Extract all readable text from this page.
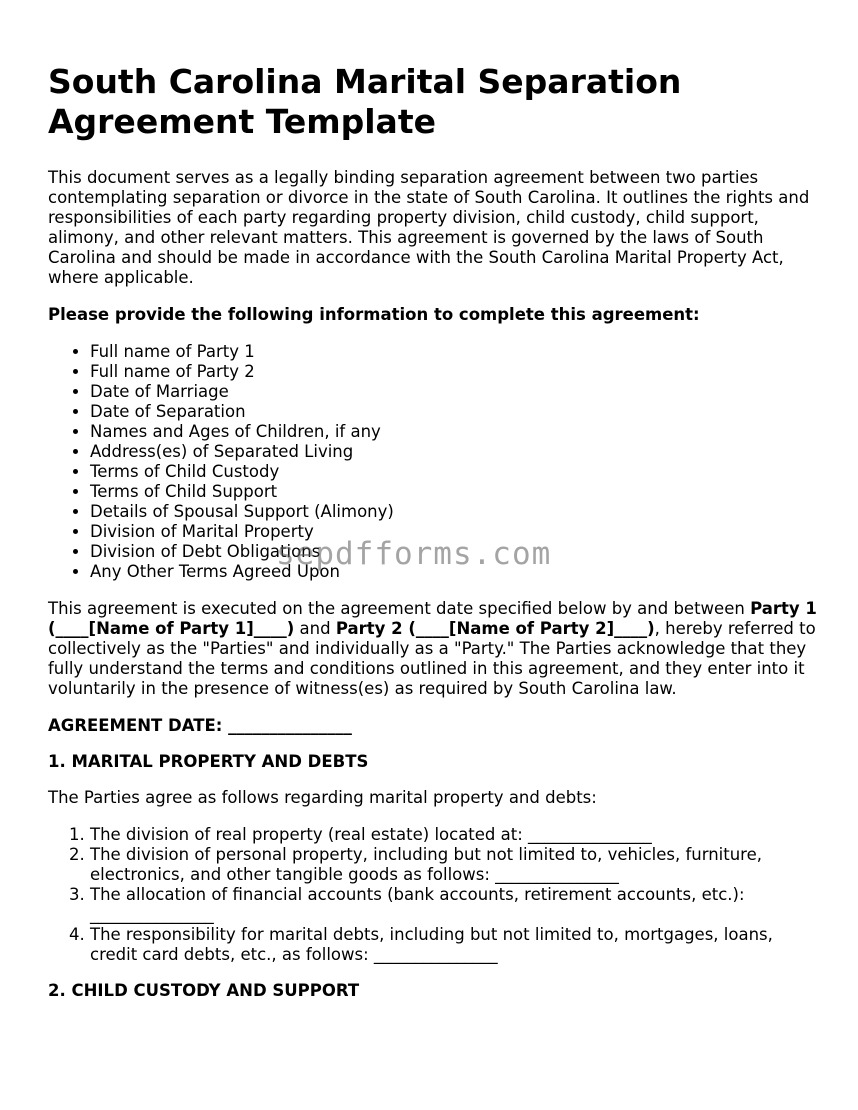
South Carolina Marital Separation Agreement Template

This document serves as a legally binding separation agreement between two parties contemplating separation or divorce in the state of South Carolina. It outlines the rights and responsibilities of each party regarding property division, child custody, child support, alimony, and other relevant matters. This agreement is governed by the laws of South Carolina and should be made in accordance with the South Carolina Marital Property Act, where applicable.

Please provide the following information to complete this agreement:

• Full name of Party 1
• Full name of Party 2
• Date of Marriage
• Date of Separation
• Names and Ages of Children, if any
• Address(es) of Separated Living
• Terms of Child Custody
• Terms of Child Support
• Details of Spousal Support (Alimony)
• Division of Marital Property
• Division of Debt Obligations
• Any Other Terms Agreed Upon

This agreement is executed on the agreement date specified below by and between Party 1 (____[Name of Party 1]____) and Party 2 (____[Name of Party 2]____), hereby referred to collectively as the "Parties" and individually as a "Party." The Parties acknowledge that they fully understand the terms and conditions outlined in this agreement, and they enter into it voluntarily in the presence of witness(es) as required by South Carolina law.

AGREEMENT DATE: _______________

1. MARITAL PROPERTY AND DEBTS

The Parties agree as follows regarding marital property and debts:

1. The division of real property (real estate) located at: _______________
2. The division of personal property, including but not limited to, vehicles, furniture, electronics, and other tangible goods as follows: _______________
3. The allocation of financial accounts (bank accounts, retirement accounts, etc.): _______________
4. The responsibility for marital debts, including but not limited to, mortgages, loans, credit card debts, etc., as follows: _______________

2. CHILD CUSTODY AND SUPPORT

sepdfforms.com
